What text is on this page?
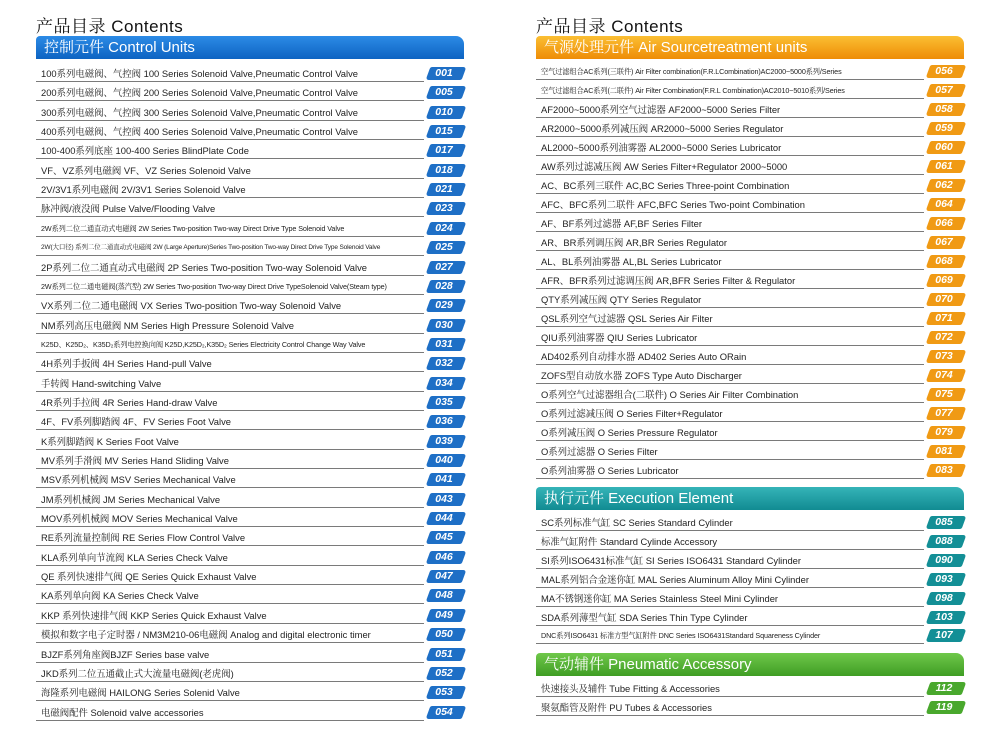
产品目录 Contents
控制元件 Control Units
100系列电磁阀、气控阀 100 Series Solenoid Valve,Pneumatic Control Valve	001
200系列电磁阀、气控阀 200 Series Solenoid Valve,Pneumatic Control Valve	005
300系列电磁阀、气控阀 300 Series Solenoid Valve,Pneumatic Control Valve	010
400系列电磁阀、气控阀 400 Series Solenoid Valve,Pneumatic Control Valve	015
100-400系列底座 100-400 Series BlindPlate Code	017
VF、VZ系列电磁阀 VF、VZ Series Solenoid Valve	018
2V/3V1系列电磁阀 2V/3V1 Series Solenoid Valve	021
脉冲阀/液没阀 Pulse Valve/Flooding Valve	023
2W系列二位二通直动式电磁阀 2W Series Two-position Two-way Direct Drive Type Solenoid Valve	024
2W(大口径) 系列二位二通直动式电磁阀 2W (Large Aperture)Series Two-position Two-way Direct Drive Type Solenoid Valve	025
2P系列二位二通直动式电磁阀 2P Series Two-position Two-way Solenoid Valve	027
2W系列二位二通电磁阀(蒸汽型) 2W Series Two-position Two-way Direct Drive TypeSolenoid Valve(Steam type)	028
VX系列二位二通电磁阀 VX Series Two-position Two-way Solenoid Valve	029
NM系列高压电磁阀 NM Series High Pressure Solenoid Valve	030
K25D、K25D₂、K35D₂系列电控换向阀 K25D,K25D₂,K35D₂ Series Electricity Control Change Way Valve	031
4H系列手扳阀 4H Series Hand-pull Valve	032
手转阀 Hand-switching Valve	034
4R系列手拉阀 4R Series Hand-draw Valve	035
4F、FV系列脚踏阀 4F、FV Series Foot Valve	036
K系列脚踏阀 K Series Foot Valve	039
MV系列手滑阀 MV Series Hand Sliding Valve	040
MSV系列机械阀 MSV Series Mechanical Valve	041
JM系列机械阀 JM Series Mechanical Valve	043
MOV系列机械阀 MOV Series Mechanical Valve	044
RE系列流量控制阀 RE Series Flow Control Valve	045
KLA系列单向节流阀 KLA Series Check Valve	046
QE 系列快速排气阀 QE Series Quick Exhaust Valve	047
KA系列单向阀 KA Series Check Valve	048
KKP 系列快速排气阀 KKP Series Quick Exhaust Valve	049
模拟和数字电子定时器 / NM3M210-06电磁阀 Analog and digital electronic timer	050
BJZF系列角座阀BJZF Series base valve	051
JKD系列二位五通截止式大流量电磁阀(老虎阀)	052
海隆系列电磁阀 HAILONG Series Solenid Valve	053
电磁阀配件 Solenoid valve accessories	054
产品目录 Contents
气源处理元件 Air Sourcetreatment units
空气过滤组合AC系列(三联件) Air Filter combination(F.R.LCombination)AC2000~5000系列/Series	056
空气过滤组合AC系列(二联件) Air Filter Combination(F.R.L Combination)AC2010~5010系列/Series	057
AF2000~5000系列空气过滤器 AF2000~5000 Series Filter	058
AR2000~5000系列减压阀 AR2000~5000 Series Regulator	059
AL2000~5000系列油雾器 AL2000~5000 Series Lubricator	060
AW系列过滤减压阀 AW Series Filter+Regulator 2000~5000	061
AC、BC系列三联件 AC,BC Series Three-point Combination	062
AFC、BFC系列二联件 AFC,BFC Series Two-point Combination	064
AF、BF系列过滤器 AF,BF Series Filter	066
AR、BR系列调压阀 AR,BR Series Regulator	067
AL、BL系列油雾器 AL,BL Series Lubricator	068
AFR、BFR系列过滤调压阀 AR,BFR Series Filter & Regulator	069
QTY系列减压阀 QTY Series Regulator	070
QSL系列空气过滤器 QSL Series Air Filter	071
QIU系列油雾器 QIU Series Lubricator	072
AD402系列自动排水器 AD402 Series Auto ORain	073
ZOFS型自动放水器 ZOFS Type Auto Discharger	074
O系列空气过滤器组合(二联件) O Series Air Filter Combination	075
O系列过滤减压阀 O Series Filter+Regulator	077
O系列减压阀 O Series Pressure Regulator	079
O系列过滤器 O Series Filter	081
O系列油雾器 O Series Lubricator	083
执行元件 Execution Element
SC系列标准气缸 SC Series Standard Cylinder	085
标准气缸附件 Standard Cylinde Accessory	088
SI系列ISO6431标准气缸 SI Series ISO6431 Standard Cylinder	090
MAL系列铝合金迷你缸 MAL Series Aluminum Alloy Mini Cylinder	093
MA不锈钢迷你缸 MA Series Stainless Steel Mini Cylinder	098
SDA系列薄型气缸 SDA Series Thin Type Cylinder	103
DNC系列ISO6431 标准方型气缸附件 DNC Series ISO6431Standard Squareness Cylinder	107
气动辅件 Pneumatic Accessory
快速接头及辅件 Tube Fitting & Accessories	112
聚氨酯管及附件 PU Tubes & Accessories	119
